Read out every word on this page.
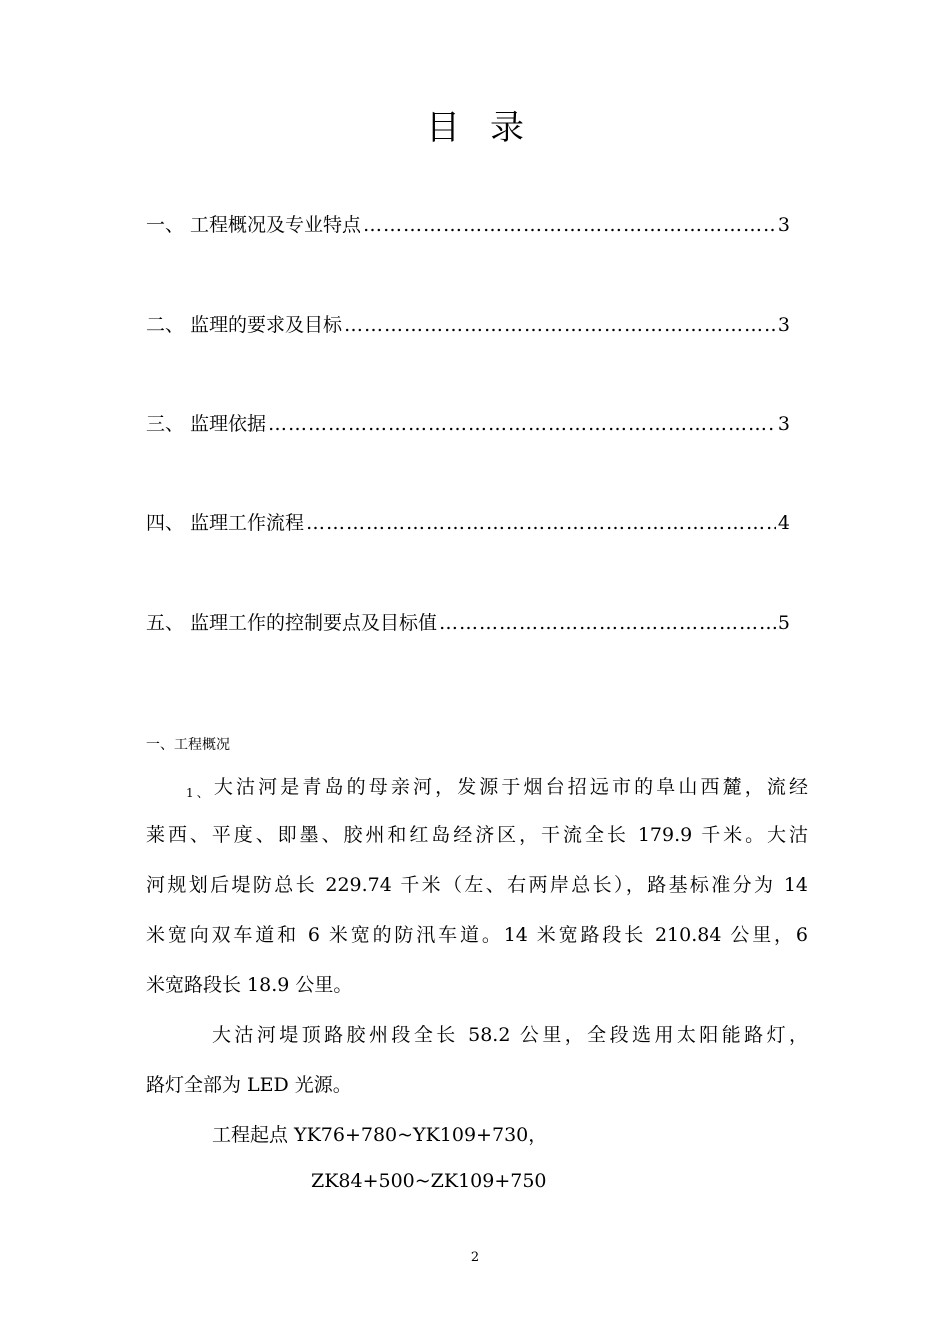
目录
一、 工程概况及专业特点 ……………………………………………………………………………………………………………………………	3
二、 监理的要求及目标 ……………………………………………………………………………………………………………………………	3
三、 监理依据 ……………………………………………………………………………………………………………………………	3
四、 监理工作流程 ……………………………………………………………………………………………………………………………	4
五、 监理工作的控制要点及目标值 ……………………………………………………………………………………………………………………………	5
一、工程概况
$_{1、}$ 大沽河是青岛的母亲河，发源于烟台招远市的阜山西麓，流经
莱西、平度、即墨、胶州和红岛经济区，干流全长 179.9 千米。大沽
河规划后堤防总长 229.74 千米（左、右两岸总长），路基标准分为 14
米宽向双车道和 6 米宽的防汛车道。14 米宽路段长 210.84 公里，6
米宽路段长 18.9 公里。
大沽河堤顶路胶州段全长 58.2 公里，全段选用太阳能路灯，
路灯全部为 LED 光源。
工程起点 YK76+780~YK109+730，
ZK84+500~ZK109+750
2
